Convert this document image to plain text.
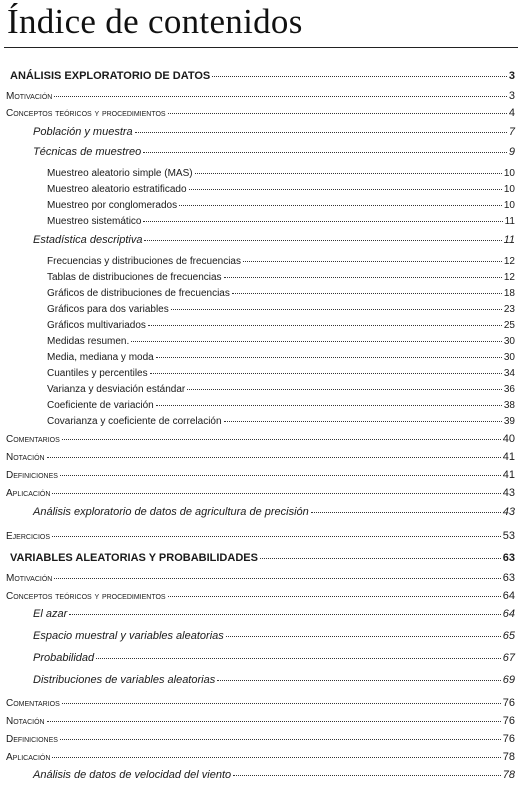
Índice de contenidos
ANÁLISIS EXPLORATORIO DE DATOS	3
Motivación	3
Conceptos teóricos y procedimientos	4
Población y muestra	7
Técnicas de muestreo	9
Muestreo aleatorio simple (MAS)	10
Muestreo aleatorio estratificado	10
Muestreo por conglomerados	10
Muestreo sistemático	11
Estadística descriptiva	11
Frecuencias y distribuciones de frecuencias	12
Tablas de distribuciones de frecuencias	12
Gráficos de distribuciones de frecuencias	18
Gráficos para dos variables	23
Gráficos multivariados	25
Medidas resumen.	30
Media, mediana y moda	30
Cuantiles y percentiles	34
Varianza y desviación estándar	36
Coeficiente de variación	38
Covarianza y coeficiente de correlación	39
Comentarios	40
Notación	41
Definiciones	41
Aplicación	43
Análisis exploratorio de datos de agricultura de precisión	43
Ejercicios	53
VARIABLES ALEATORIAS Y PROBABILIDADES	63
Motivación	63
Conceptos teóricos y procedimientos	64
El azar	64
Espacio muestral y variables aleatorias	65
Probabilidad	67
Distribuciones de variables aleatorias	69
Comentarios	76
Notación	76
Definiciones	76
Aplicación	78
Análisis de datos de velocidad del viento	78
